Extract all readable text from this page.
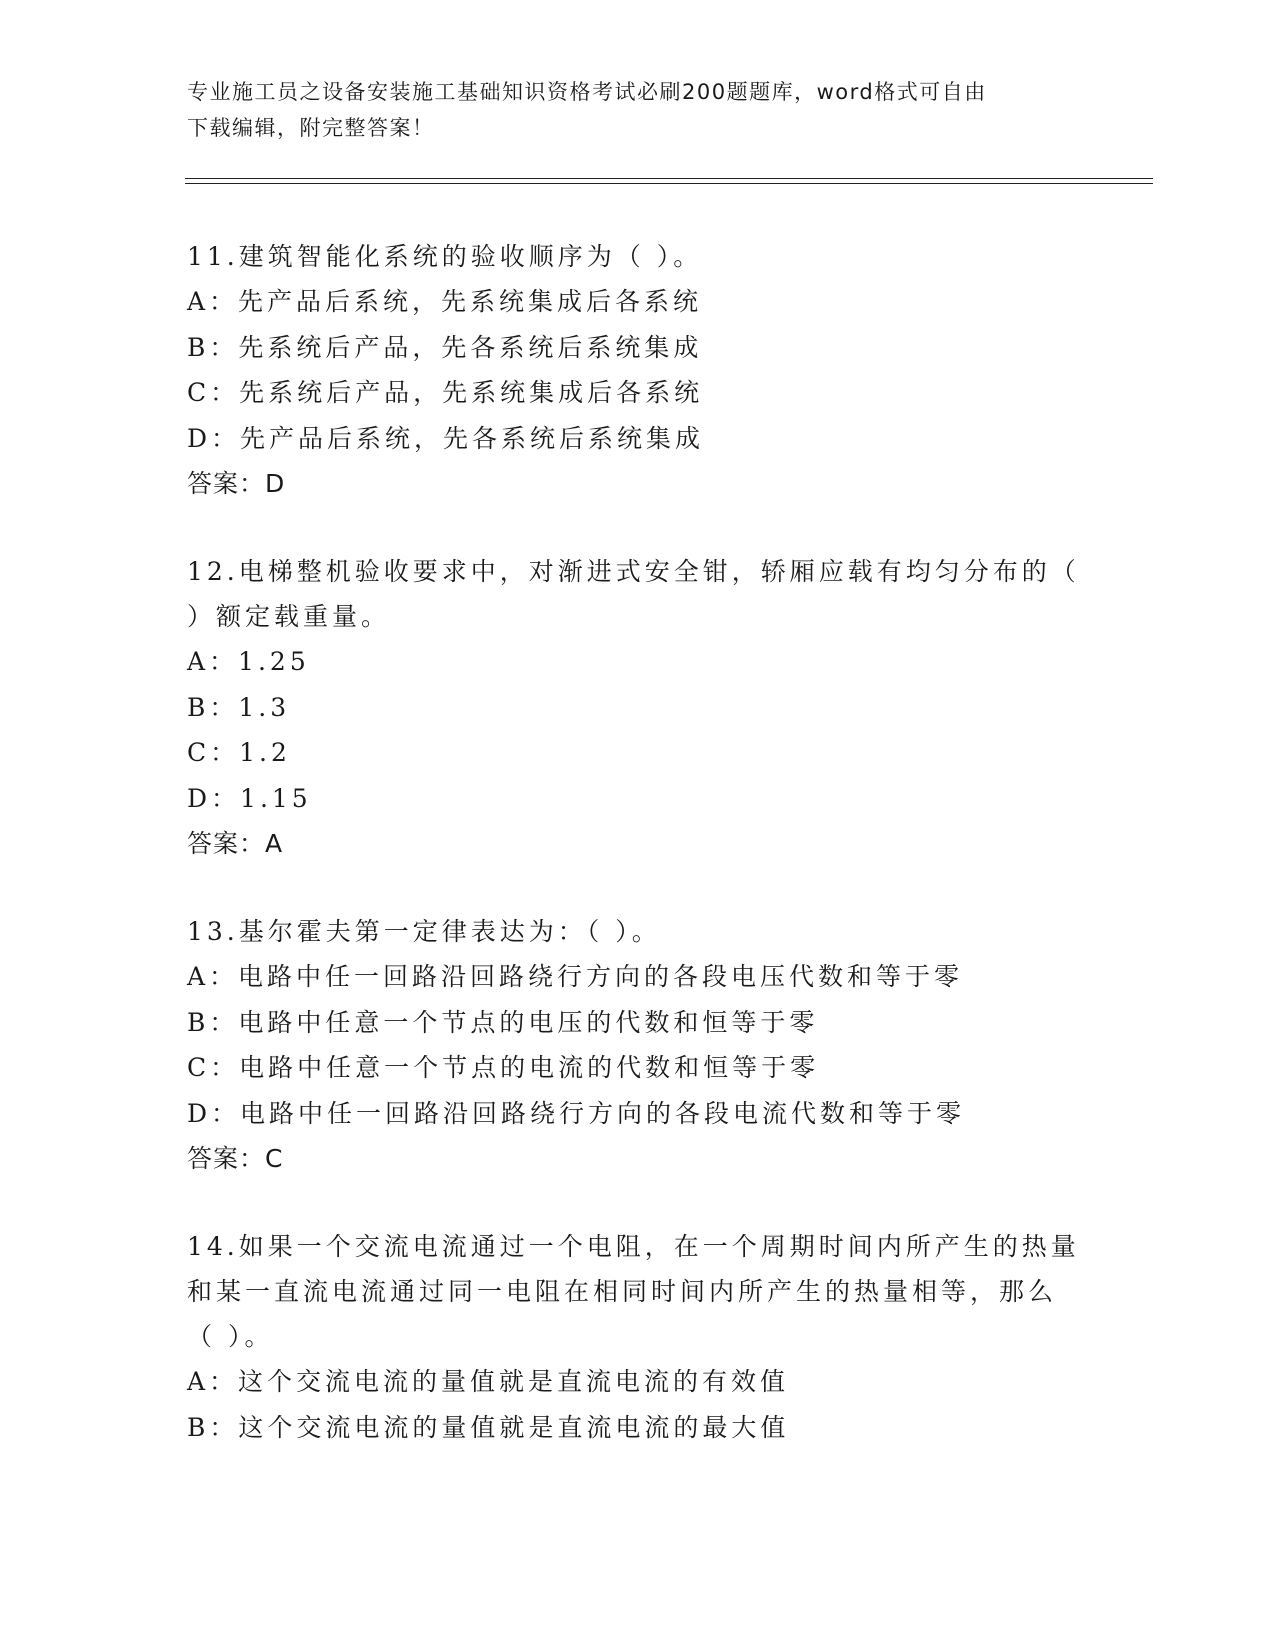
专业施工员之设备安装施工基础知识资格考试必刷200题题库，word格式可自由
下载编辑，附完整答案！
11.建筑智能化系统的验收顺序为（ ）。
A：先产品后系统，先系统集成后各系统
B：先系统后产品，先各系统后系统集成
C：先系统后产品，先系统集成后各系统
D：先产品后系统，先各系统后系统集成
答案：D
12.电梯整机验收要求中，对渐进式安全钳，轿厢应载有均匀分布的（
）额定载重量。
A：1.25
B：1.3
C：1.2
D：1.15
答案：A
13.基尔霍夫第一定律表达为：（ ）。
A：电路中任一回路沿回路绕行方向的各段电压代数和等于零
B：电路中任意一个节点的电压的代数和恒等于零
C：电路中任意一个节点的电流的代数和恒等于零
D：电路中任一回路沿回路绕行方向的各段电流代数和等于零
答案：C
14.如果一个交流电流通过一个电阻，在一个周期时间内所产生的热量
和某一直流电流通过同一电阻在相同时间内所产生的热量相等，那么
（ ）。
A：这个交流电流的量值就是直流电流的有效值
B：这个交流电流的量值就是直流电流的最大值
